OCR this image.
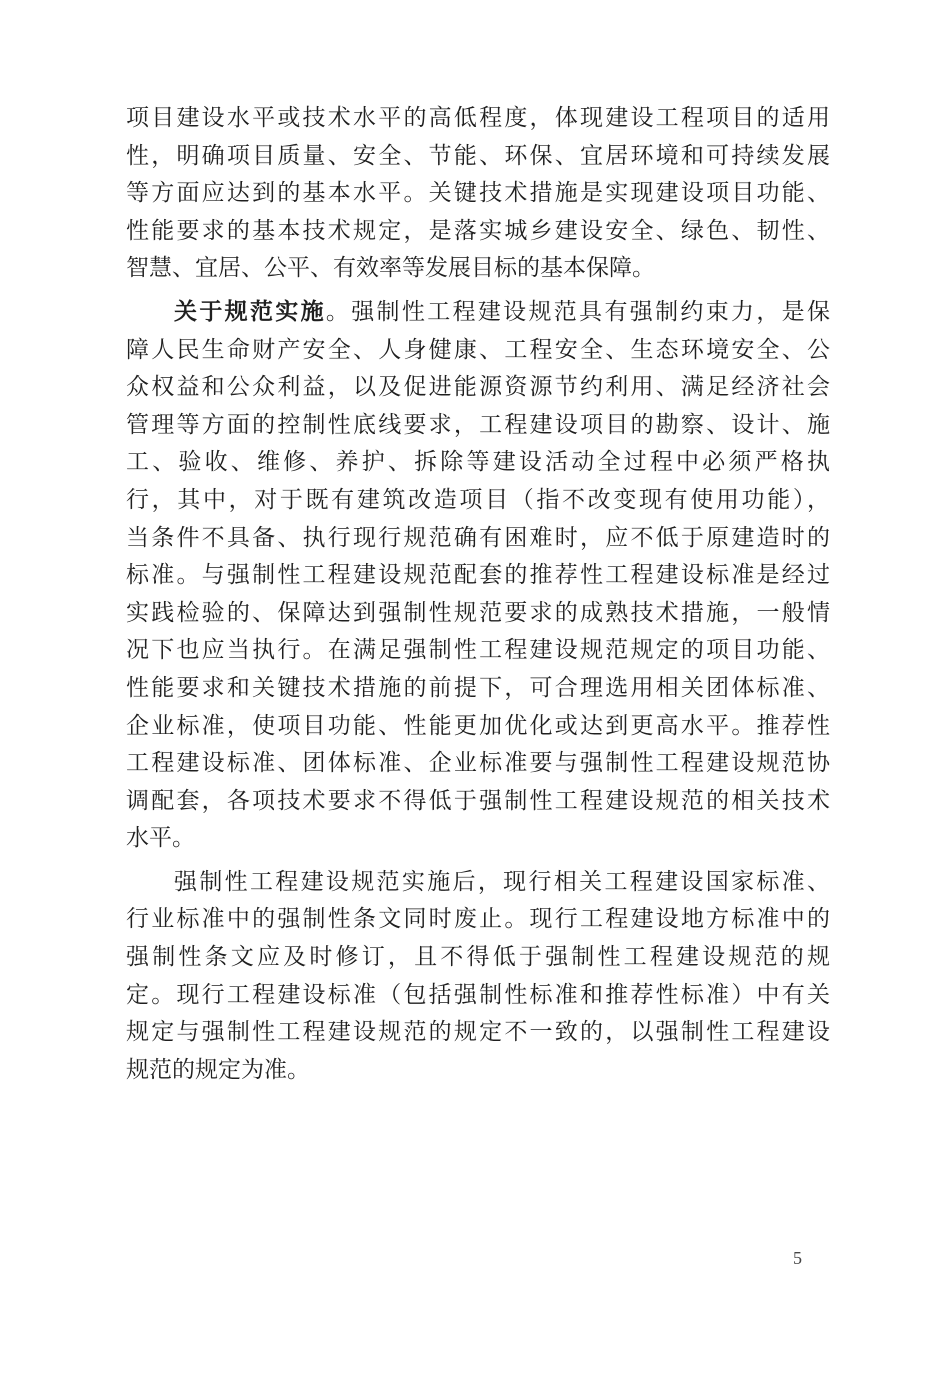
项目建设水平或技术水平的高低程度，体现建设工程项目的适用
性，明确项目质量、安全、节能、环保、宜居环境和可持续发展
等方面应达到的基本水平。关键技术措施是实现建设项目功能、
性能要求的基本技术规定，是落实城乡建设安全、绿色、韧性、
智慧、宜居、公平、有效率等发展目标的基本保障。
关于规范实施。强制性工程建设规范具有强制约束力，是保
障人民生命财产安全、人身健康、工程安全、生态环境安全、公
众权益和公众利益，以及促进能源资源节约利用、满足经济社会
管理等方面的控制性底线要求，工程建设项目的勘察、设计、施
工、验收、维修、养护、拆除等建设活动全过程中必须严格执
行，其中，对于既有建筑改造项目（指不改变现有使用功能），
当条件不具备、执行现行规范确有困难时，应不低于原建造时的
标准。与强制性工程建设规范配套的推荐性工程建设标准是经过
实践检验的、保障达到强制性规范要求的成熟技术措施，一般情
况下也应当执行。在满足强制性工程建设规范规定的项目功能、
性能要求和关键技术措施的前提下，可合理选用相关团体标准、
企业标准，使项目功能、性能更加优化或达到更高水平。推荐性
工程建设标准、团体标准、企业标准要与强制性工程建设规范协
调配套，各项技术要求不得低于强制性工程建设规范的相关技术
水平。
强制性工程建设规范实施后，现行相关工程建设国家标准、
行业标准中的强制性条文同时废止。现行工程建设地方标准中的
强制性条文应及时修订，且不得低于强制性工程建设规范的规
定。现行工程建设标准（包括强制性标准和推荐性标准）中有关
规定与强制性工程建设规范的规定不一致的，以强制性工程建设
规范的规定为准。
5
